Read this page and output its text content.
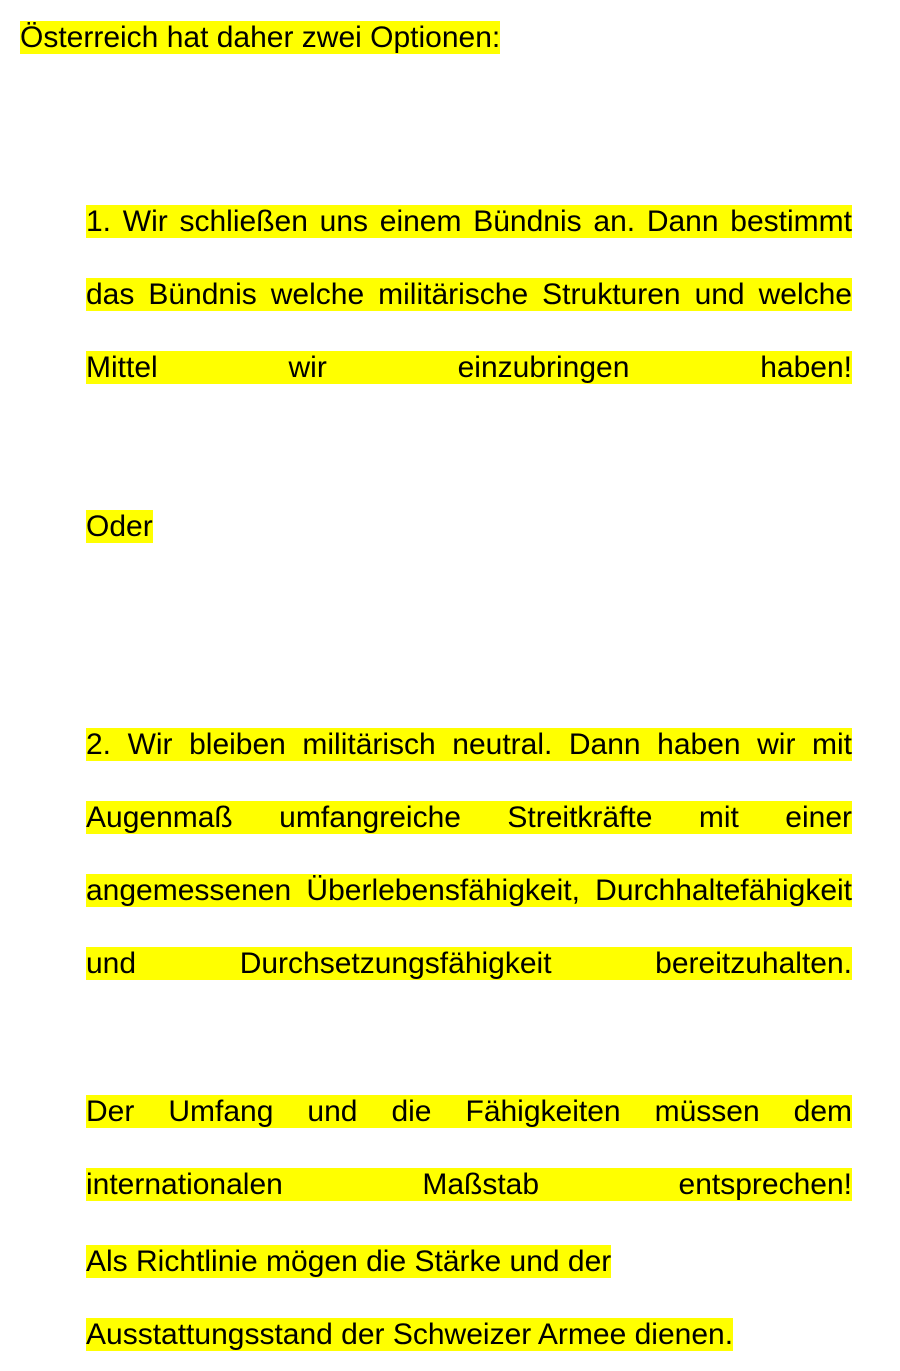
Österreich hat daher zwei Optionen:
1. Wir schließen uns einem Bündnis an. Dann bestimmt das Bündnis welche militärische Strukturen und welche Mittel wir einzubringen haben!
Oder
2. Wir bleiben militärisch neutral. Dann haben wir mit Augenmaß umfangreiche Streitkräfte mit einer angemessenen Überlebensfähigkeit, Durchhaltefähigkeit und Durchsetzungsfähigkeit bereitzuhalten.
Der Umfang und die Fähigkeiten müssen dem internationalen Maßstab entsprechen!
Als Richtlinie mögen die Stärke und der Ausstattungsstand der Schweizer Armee dienen.
